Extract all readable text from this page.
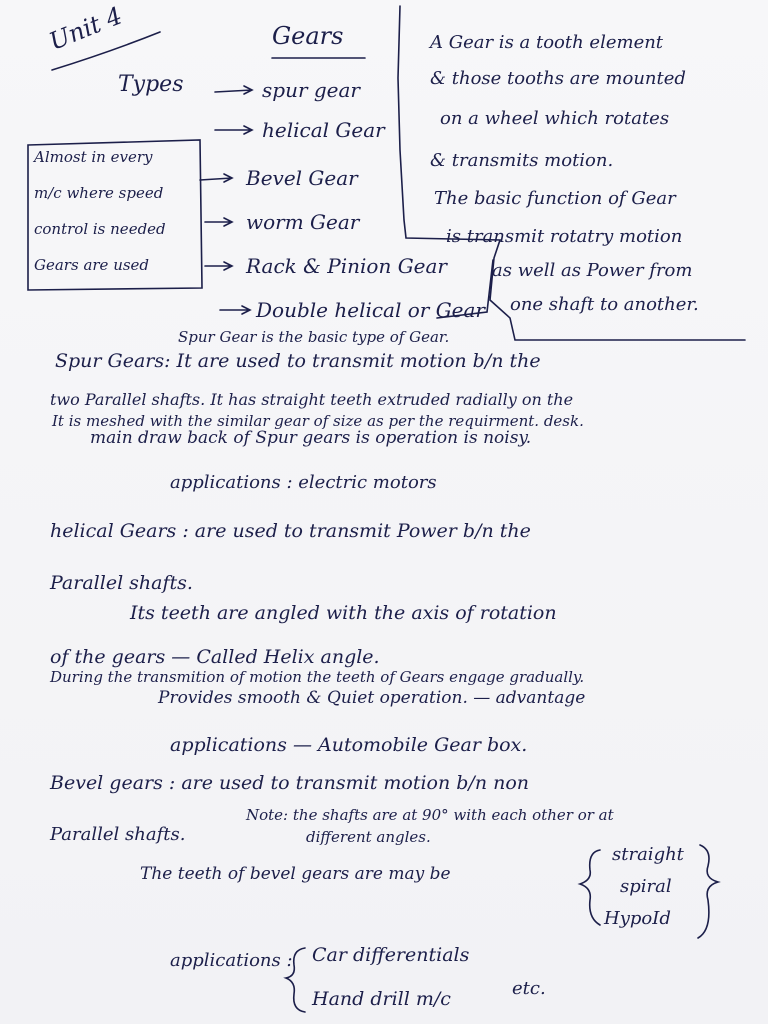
Unit 4	Gears
Types	spur gear
helical Gear
Bevel Gear
worm Gear
Rack & Pinion Gear
Double helical or Gear
Almost in every
m/c where speed
control is needed
Gears are used
A Gear is a tooth element
& those tooths are mounted
on a wheel which rotates
& transmits motion.
The basic function of Gear
is transmit rotatry motion
as well as Power from
one shaft to another.
Spur Gear is the basic type of Gear.
Spur Gears: It are used to transmit motion b/n the
two Parallel shafts. It has straight teeth extruded radially on the
It is meshed with the similar gear of size as per the requirment. desk.
main draw back of Spur gears is operation is noisy.
applications : electric motors
helical Gears : are used to transmit Power b/n the
Parallel shafts.
Its teeth are angled with the axis of rotation
of the gears — Called Helix angle.
During the transmition of motion the teeth of Gears engage gradually.
Provides smooth & Quiet operation. — advantage
applications — Automobile Gear box.
Bevel gears : are used to transmit motion b/n non
Parallel shafts.
Note: the shafts are at 90° with each other or at
different angles.
The teeth of bevel gears are may be
straight
spiral
HypoId
applications : Car differentials
Hand drill m/c	etc.
